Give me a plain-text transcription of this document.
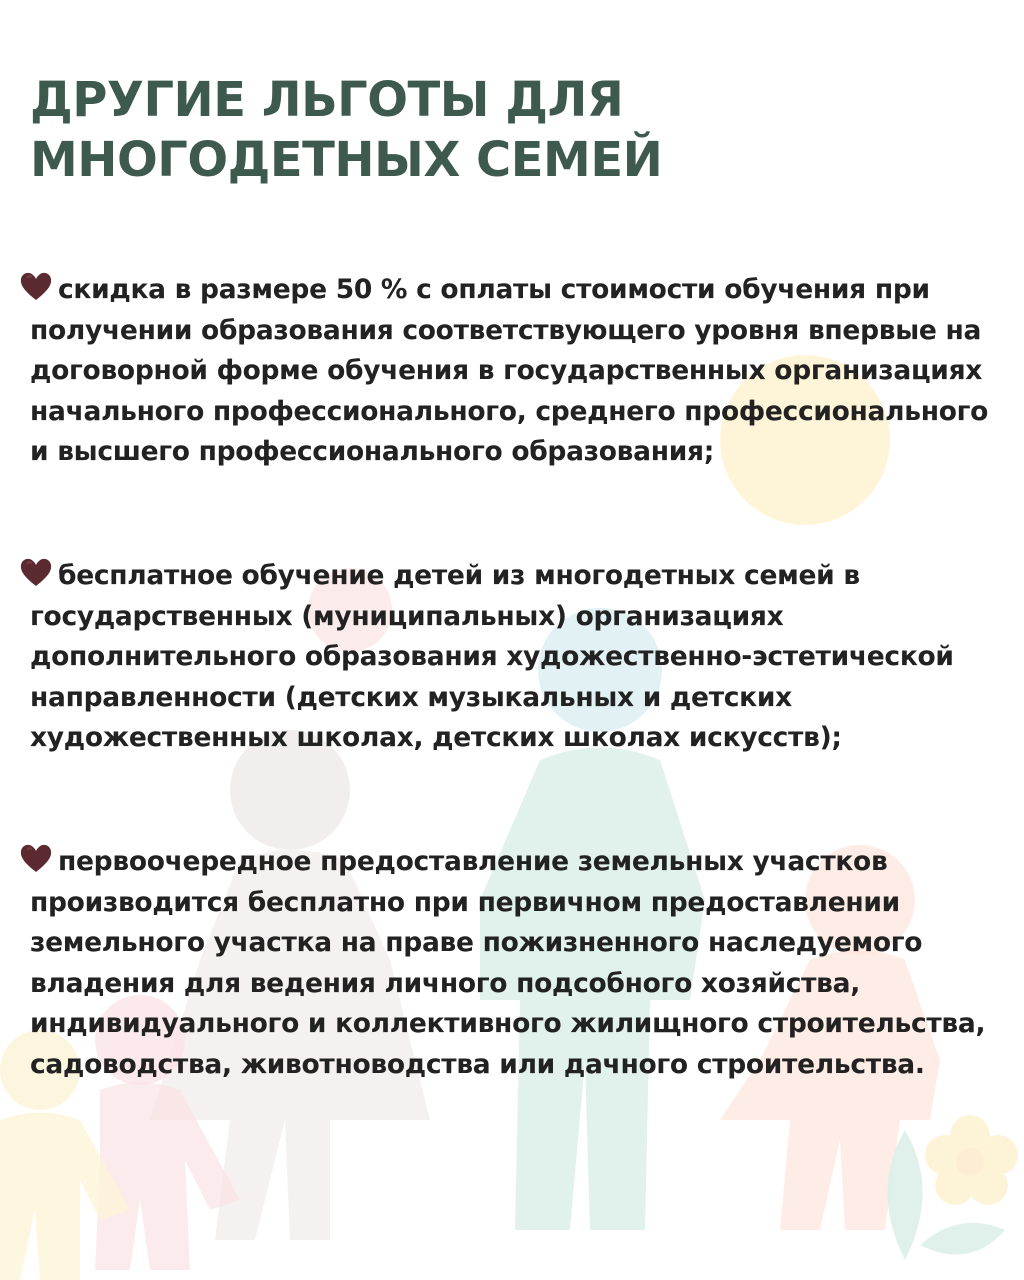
ДРУГИЕ ЛЬГОТЫ ДЛЯ МНОГОДЕТНЫХ СЕМЕЙ
скидка в размере 50 % с оплаты стоимости обучения при получении образования соответствующего уровня впервые на договорной форме обучения в государственных организациях начального профессионального, среднего профессионального и высшего профессионального образования;
бесплатное обучение детей из многодетных семей в государственных (муниципальных) организациях дополнительного образования художественно-эстетической направленности (детских музыкальных и детских художественных школах, детских школах искусств);
первоочередное предоставление земельных участков производится бесплатно при первичном предоставлении земельного участка на праве пожизненного наследуемого владения для ведения личного подсобного хозяйства, индивидуального и коллективного жилищного строительства, садоводства, животноводства или дачного строительства.
